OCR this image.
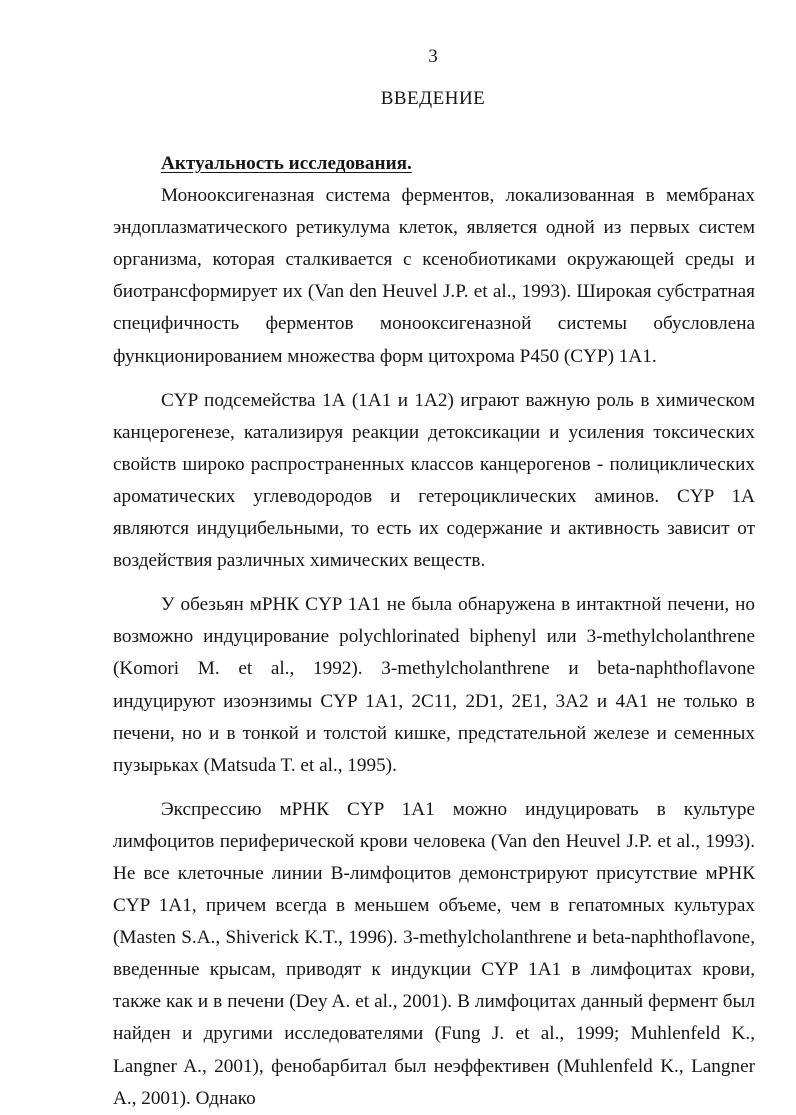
3
ВВЕДЕНИЕ

Актуальность исследования.

Монооксигеназная система ферментов, локализованная в мембранах эндоплазматического ретикулума клеток, является одной из первых систем организма, которая сталкивается с ксенобиотиками окружающей среды и биотрансформирует их (Van den Heuvel J.P. et al., 1993). Широкая субстратная специфичность ферментов монооксигеназной системы обусловлена функционированием множества форм цитохрома Р450 (CYP) 1А1.

CYP подсемейства 1А (1А1 и 1А2) играют важную роль в химическом канцерогенезе, катализируя реакции детоксикации и усиления токсических свойств широко распространенных классов канцерогенов - полициклических ароматических углеводородов и гетероциклических аминов. CYP 1А являются индуцибельными, то есть их содержание и активность зависит от воздействия различных химических веществ.

У обезьян мРНК CYP 1А1 не была обнаружена в интактной печени, но возможно индуцирование polychlorinated biphenyl или 3-methylcholanthrene (Komori M. et al., 1992). 3-methylcholanthrene и beta-naphthoflavone индуцируют изоэнзимы CYP 1А1, 2С11, 2D1, 2Е1, 3А2 и 4А1 не только в печени, но и в тонкой и толстой кишке, предстательной железе и семенных пузырьках (Matsuda T. et al., 1995).

Экспрессию мРНК CYP 1А1 можно индуцировать в культуре лимфоцитов периферической крови человека (Van den Heuvel J.P. et al., 1993). Не все клеточные линии В-лимфоцитов демонстрируют присутствие мРНК CYP 1А1, причем всегда в меньшем объеме, чем в гепатомных культурах (Masten S.A., Shiverick K.T., 1996). 3-methylcholanthrene и beta-naphthoflavone, введенные крысам, приводят к индукции CYP 1А1 в лимфоцитах крови, также как и в печени (Dey A. et al., 2001). В лимфоцитах данный фермент был найден и другими исследователями (Fung J. et al., 1999; Muhlenfeld K., Langner A., 2001), фенобарбитал был неэффективен (Muhlenfeld K., Langner A., 2001). Однако
